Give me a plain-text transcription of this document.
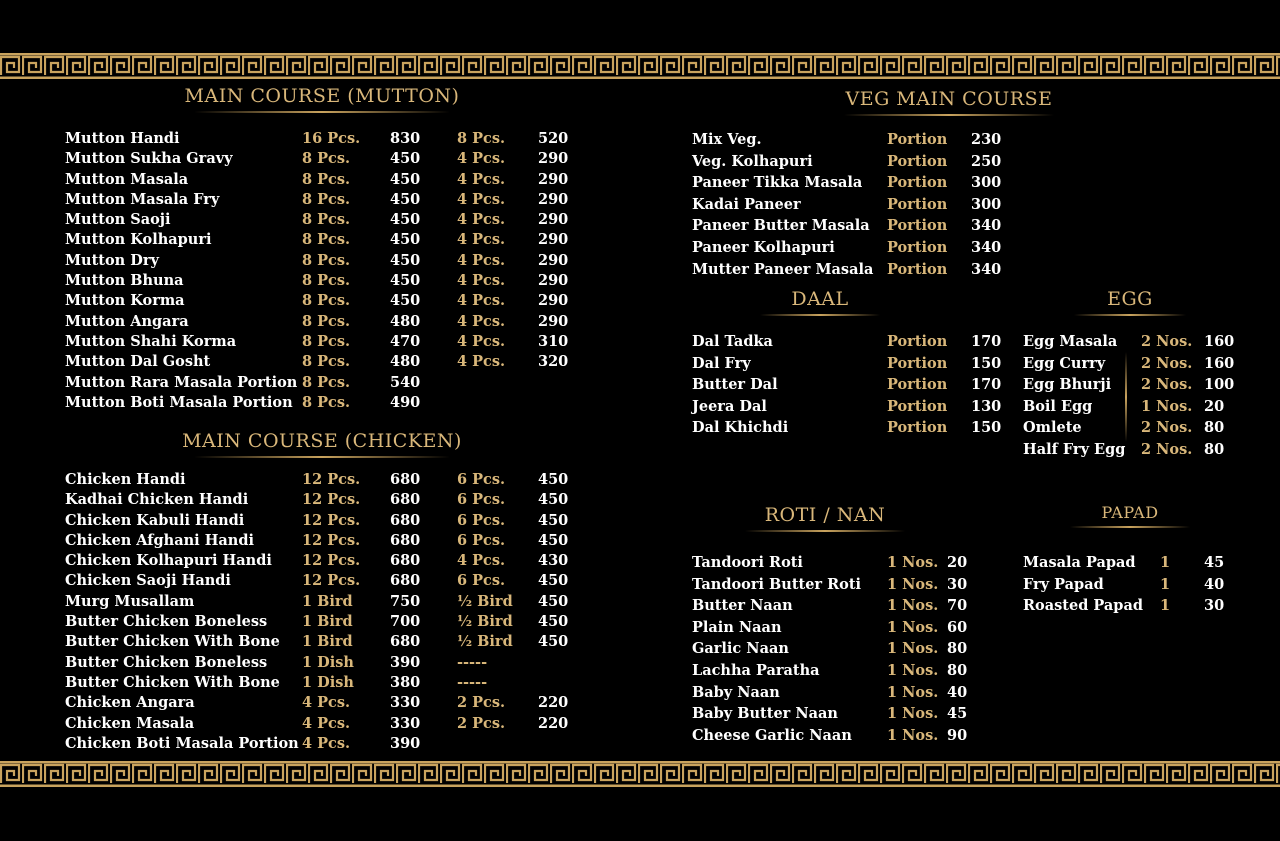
MAIN COURSE (MUTTON)
MAIN COURSE (CHICKEN)
VEG MAIN COURSE
DAAL	EGG
ROTI / NAN	PAPAD
Mutton Handi	16 Pcs.	830	8 Pcs.	520
Mutton Sukha Gravy	8 Pcs.	450	4 Pcs.	290
Mutton Masala	8 Pcs.	450	4 Pcs.	290
Mutton Masala Fry	8 Pcs.	450	4 Pcs.	290
Mutton Saoji	8 Pcs.	450	4 Pcs.	290
Mutton Kolhapuri	8 Pcs.	450	4 Pcs.	290
Mutton Dry	8 Pcs.	450	4 Pcs.	290
Mutton Bhuna	8 Pcs.	450	4 Pcs.	290
Mutton Korma	8 Pcs.	450	4 Pcs.	290
Mutton Angara	8 Pcs.	480	4 Pcs.	290
Mutton Shahi Korma	8 Pcs.	470	4 Pcs.	310
Mutton Dal Gosht	8 Pcs.	480	4 Pcs.	320
Mutton Rara Masala Portion	8 Pcs.	540		
Mutton Boti Masala Portion	8 Pcs.	490		
Chicken Handi	12 Pcs.	680	6 Pcs.	450
Kadhai Chicken Handi	12 Pcs.	680	6 Pcs.	450
Chicken Kabuli Handi	12 Pcs.	680	6 Pcs.	450
Chicken Afghani Handi	12 Pcs.	680	6 Pcs.	450
Chicken Kolhapuri Handi	12 Pcs.	680	4 Pcs.	430
Chicken Saoji Handi	12 Pcs.	680	6 Pcs.	450
Murg Musallam	1 Bird	750	½ Bird	450
Butter Chicken Boneless	1 Bird	700	½ Bird	450
Butter Chicken With Bone	1 Bird	680	½ Bird	450
Butter Chicken Boneless	1 Dish	390	-----	
Butter Chicken With Bone	1 Dish	380	-----	
Chicken Angara	4 Pcs.	330	2 Pcs.	220
Chicken Masala	4 Pcs.	330	2 Pcs.	220
Chicken Boti Masala Portion	4 Pcs.	390		
Mix Veg.	Portion	230
Veg. Kolhapuri	Portion	250
Paneer Tikka Masala	Portion	300
Kadai Paneer	Portion	300
Paneer Butter Masala	Portion	340
Paneer Kolhapuri	Portion	340
Mutter Paneer Masala	Portion	340
Dal Tadka	Portion	170
Dal Fry	Portion	150
Butter Dal	Portion	170
Jeera Dal	Portion	130
Dal Khichdi	Portion	150
Egg Masala	2 Nos.	160
Egg Curry	2 Nos.	160
Egg Bhurji	2 Nos.	100
Boil Egg	1 Nos.	20
Omlete	2 Nos.	80
Half Fry Egg	2 Nos.	80
Tandoori Roti	1 Nos.	20
Tandoori Butter Roti	1 Nos.	30
Butter Naan	1 Nos.	70
Plain Naan	1 Nos.	60
Garlic Naan	1 Nos.	80
Lachha Paratha	1 Nos.	80
Baby Naan	1 Nos.	40
Baby Butter Naan	1 Nos.	45
Cheese Garlic Naan	1 Nos.	90
Masala Papad	1	45
Fry Papad	1	40
Roasted Papad	1	30
